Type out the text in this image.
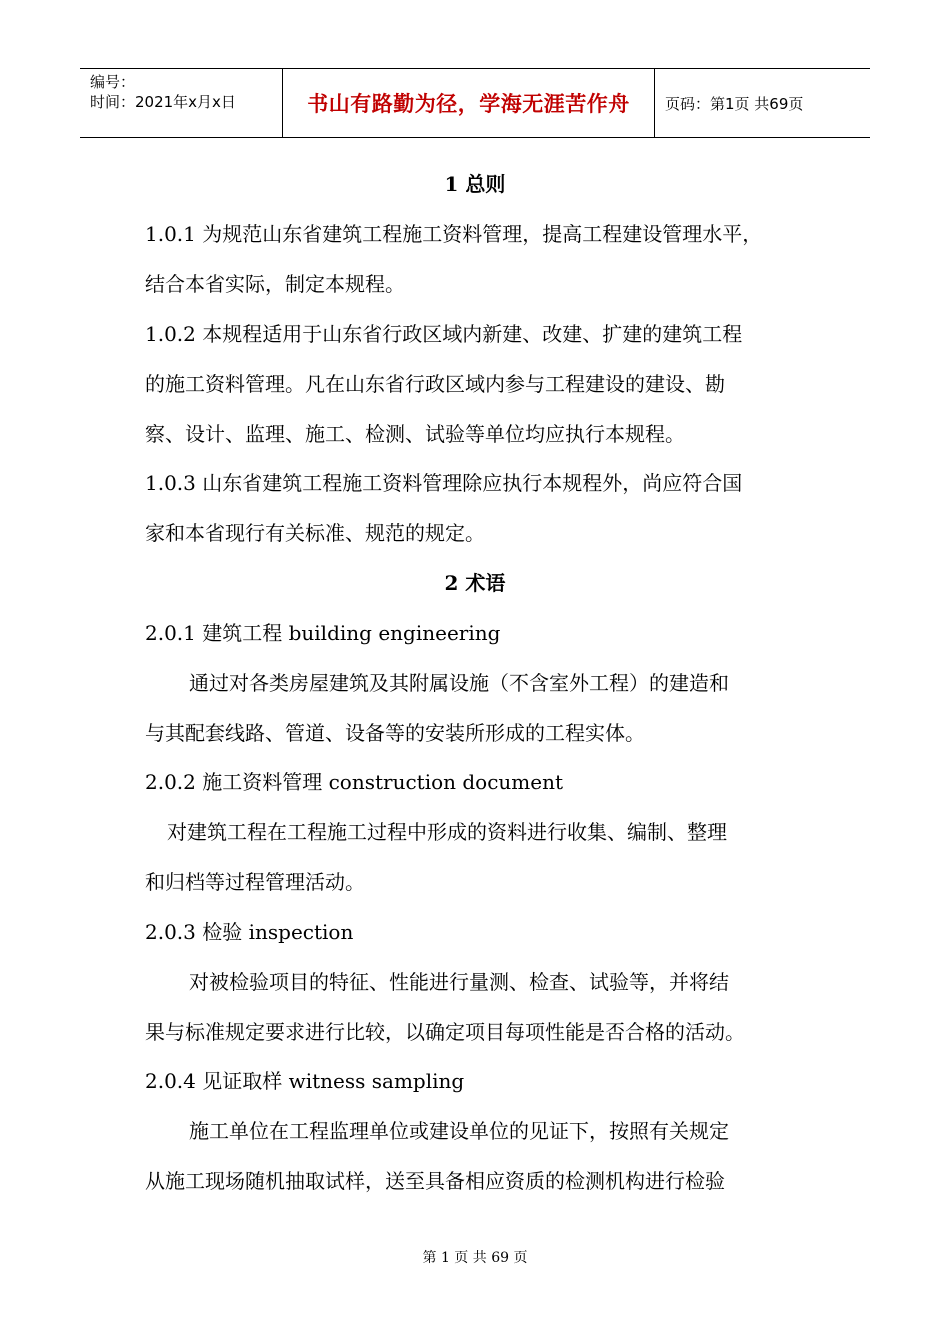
编号：
时间：2021年x月x日	书山有路勤为径，学海无涯苦作舟	页码：第1页 共69页
1 总则
1.0.1 为规范山东省建筑工程施工资料管理，提高工程建设管理水平，
结合本省实际，制定本规程。
1.0.2 本规程适用于山东省行政区域内新建、改建、扩建的建筑工程
的施工资料管理。凡在山东省行政区域内参与工程建设的建设、勘
察、设计、监理、施工、检测、试验等单位均应执行本规程。
1.0.3 山东省建筑工程施工资料管理除应执行本规程外，尚应符合国
家和本省现行有关标准、规范的规定。
2 术语
2.0.1 建筑工程 building engineering
通过对各类房屋建筑及其附属设施（不含室外工程）的建造和
与其配套线路、管道、设备等的安装所形成的工程实体。
2.0.2 施工资料管理 construction document
对建筑工程在工程施工过程中形成的资料进行收集、编制、整理
和归档等过程管理活动。
2.0.3 检验 inspection
对被检验项目的特征、性能进行量测、检查、试验等，并将结
果与标准规定要求进行比较，以确定项目每项性能是否合格的活动。
2.0.4 见证取样 witness sampling
施工单位在工程监理单位或建设单位的见证下，按照有关规定
从施工现场随机抽取试样，送至具备相应资质的检测机构进行检验
第 1 页 共 69 页
